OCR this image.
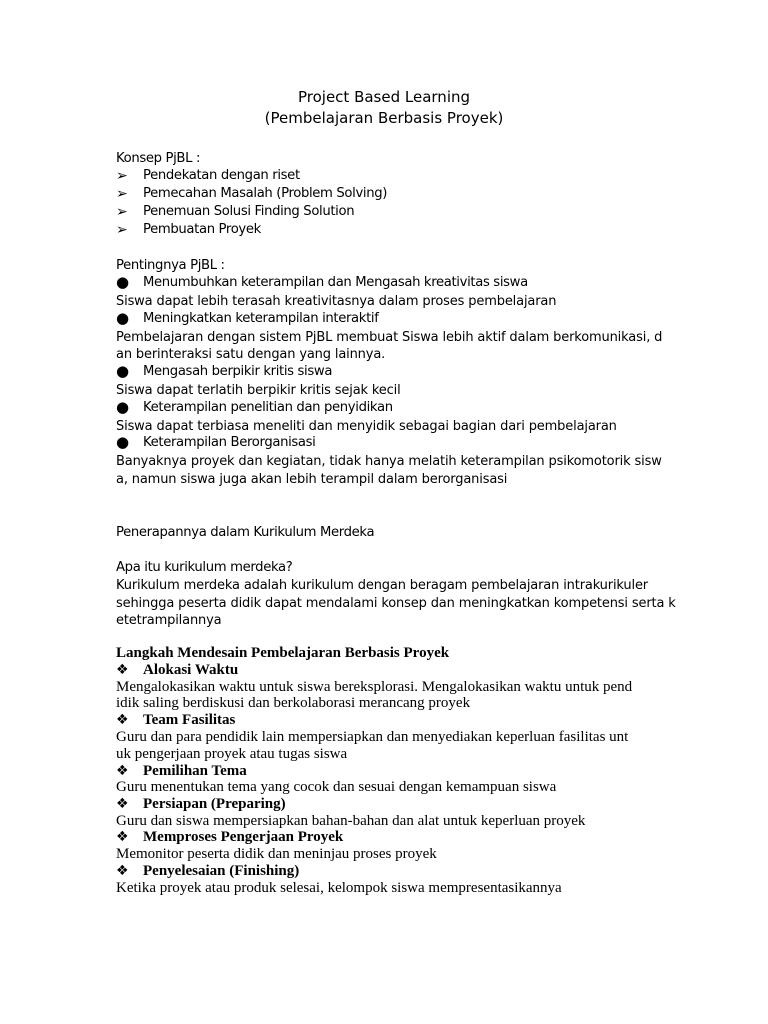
Project Based Learning
(Pembelajaran Berbasis Proyek)
Konsep PjBL :
➢	Pendekatan dengan riset
➢	Pemecahan Masalah (Problem Solving)
➢	Penemuan Solusi Finding Solution
➢	Pembuatan Proyek
Pentingnya PjBL :
●	Menumbuhkan keterampilan dan Mengasah kreativitas siswa
Siswa dapat lebih terasah kreativitasnya dalam proses pembelajaran
●	Meningkatkan keterampilan interaktif
Pembelajaran dengan sistem PjBL membuat Siswa lebih aktif dalam berkomunikasi, d
an berinteraksi satu dengan yang lainnya.
●	Mengasah berpikir kritis siswa
Siswa dapat terlatih berpikir kritis sejak kecil
●	Keterampilan penelitian dan penyidikan
Siswa dapat terbiasa meneliti dan menyidik sebagai bagian dari pembelajaran
●	Keterampilan Berorganisasi
Banyaknya proyek dan kegiatan, tidak hanya melatih keterampilan psikomotorik sisw
a, namun siswa juga akan lebih terampil dalam berorganisasi
Penerapannya dalam Kurikulum Merdeka
Apa itu kurikulum merdeka?
Kurikulum merdeka adalah kurikulum dengan beragam pembelajaran intrakurikuler
sehingga peserta didik dapat mendalami konsep dan meningkatkan kompetensi serta k
etetrampilannya
Langkah Mendesain Pembelajaran Berbasis Proyek
❖ Alokasi Waktu
Mengalokasikan waktu untuk siswa bereksplorasi. Mengalokasikan waktu untuk pend
idik saling berdiskusi dan berkolaborasi merancang proyek
❖ Team Fasilitas
Guru dan para pendidik lain mempersiapkan dan menyediakan keperluan fasilitas unt
uk pengerjaan proyek atau tugas siswa
❖ Pemilihan Tema
Guru menentukan tema yang cocok dan sesuai dengan kemampuan siswa
❖ Persiapan (Preparing)
Guru dan siswa mempersiapkan bahan-bahan dan alat untuk keperluan proyek
❖ Memproses Pengerjaan Proyek
Memonitor peserta didik dan meninjau proses proyek
❖ Penyelesaian (Finishing)
Ketika proyek atau produk selesai, kelompok siswa mempresentasikannya
